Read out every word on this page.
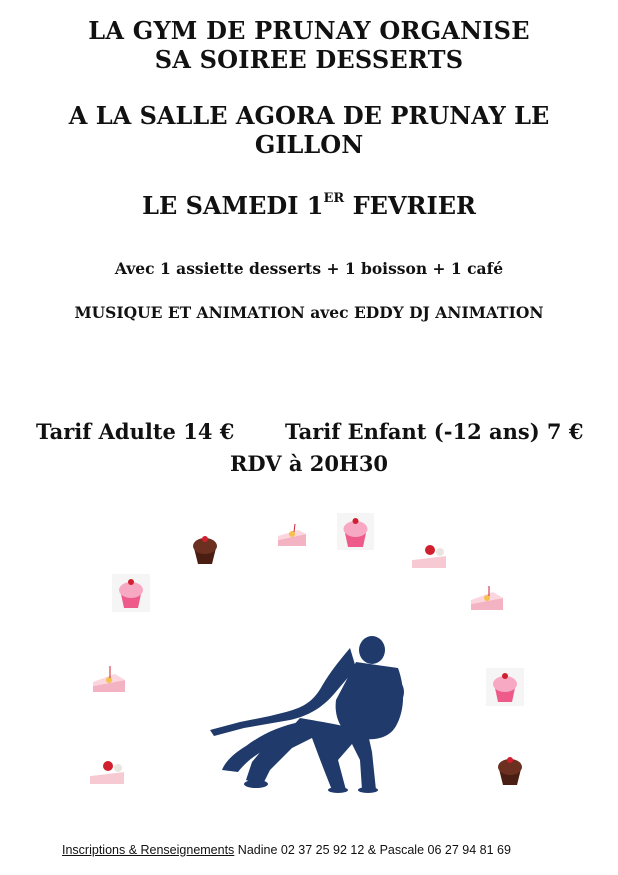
LA GYM DE PRUNAY ORGANISE
SA SOIREE DESSERTS
A LA SALLE AGORA DE PRUNAY LE
GILLON
LE SAMEDI 1ER FEVRIER

Avec 1 assiette desserts + 1 boisson + 1 café

MUSIQUE ET ANIMATION avec EDDY DJ ANIMATION

Tarif Adulte 14 € Tarif Enfant (-12 ans) 7 €

RDV à 20H30

Inscriptions & Renseignements Nadine 02 37 25 92 12 & Pascale 06 27 94 81 69
